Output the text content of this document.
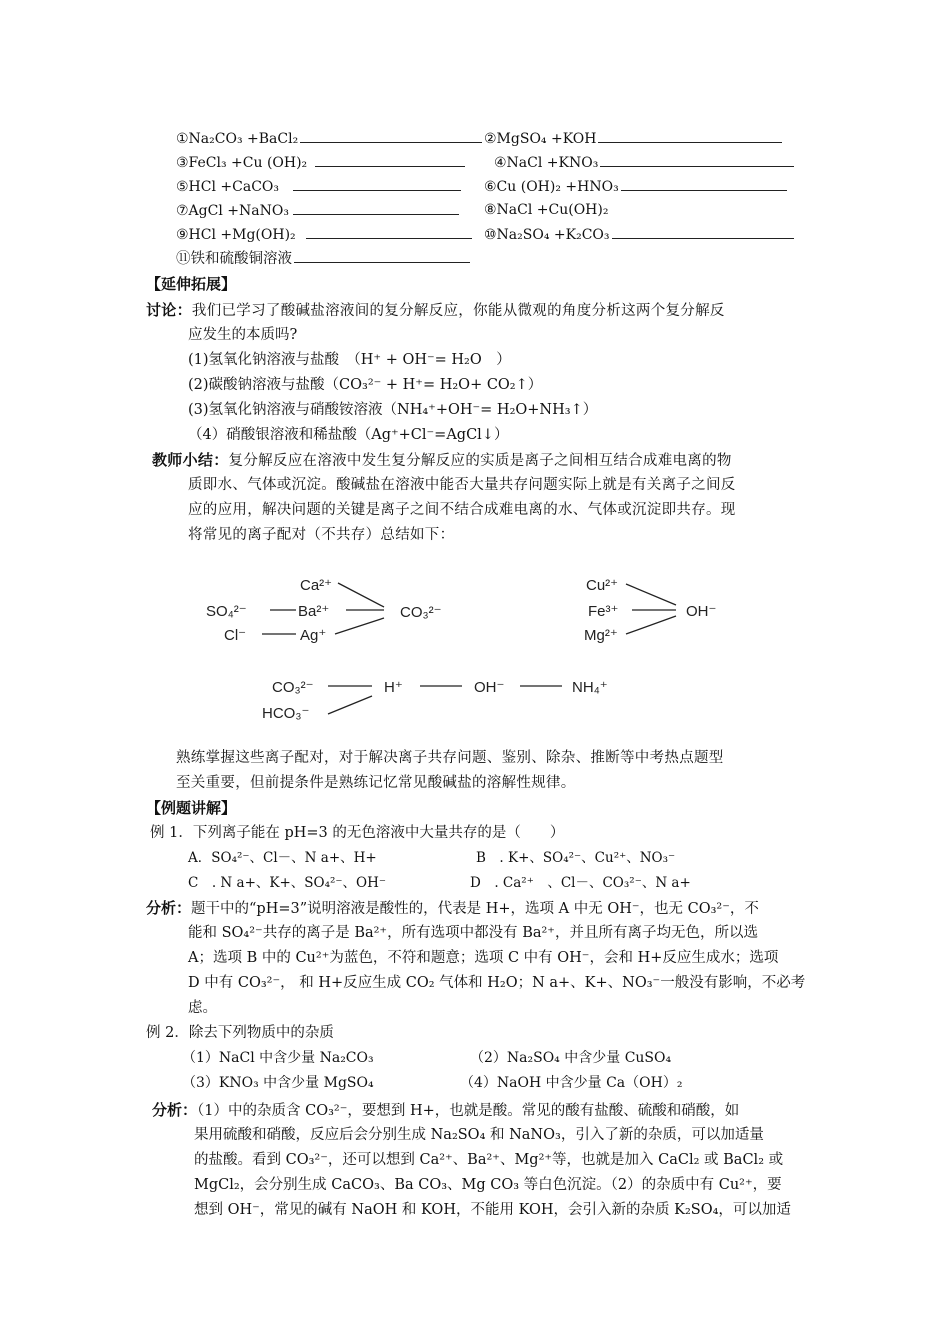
①Na₂CO₃ +BaCl₂	②MgSO₄ +KOH
③FeCl₃ +Cu (OH)₂	④NaCl +KNO₃
⑤HCl +CaCO₃	⑥Cu (OH)₂ +HNO₃
⑦AgCl +NaNO₃	⑧NaCl +Cu(OH)₂
⑨HCl +Mg(OH)₂	⑩Na₂SO₄ +K₂CO₃
⑪铁和硫酸铜溶液
【延伸拓展】
讨论：我们已学习了酸碱盐溶液间的复分解反应，你能从微观的角度分析这两个复分解反
应发生的本质吗?
(1)氢氧化钠溶液与盐酸　（H⁺ + OH⁻= H₂O　）
(2)碳酸钠溶液与盐酸（CO₃²⁻ + H⁺= H₂O+ CO₂↑）
(3)氢氧化钠溶液与硝酸铵溶液（NH₄⁺+OH⁻= H₂O+NH₃↑）
（4）硝酸银溶液和稀盐酸（Ag⁺+Cl⁻=AgCl↓）
教师小结：复分解反应在溶液中发生复分解反应的实质是离子之间相互结合成难电离的物
质即水、气体或沉淀。酸碱盐在溶液中能否大量共存问题实际上就是有关离子之间反
应的应用，解决问题的关键是离子之间不结合成难电离的水、气体或沉淀即共存。现
将常见的离子配对（不共存）总结如下：
Ca²⁺
SO₄²⁻	Ba²⁺	CO₃²⁻
Cl⁻	Ag⁺
Cu²⁺
Fe³⁺	OH⁻
Mg²⁺
CO₃²⁻	H⁺	OH⁻	NH₄⁺
HCO₃⁻
熟练掌握这些离子配对，对于解决离子共存问题、鉴别、除杂、推断等中考热点题型
至关重要，但前提条件是熟练记忆常见酸碱盐的溶解性规律。
【例题讲解】
例 1．下列离子能在 pH=3 的无色溶液中大量共存的是（　　）
A．SO₄²⁻、Cl－、N a+、H+	B　. K+、SO₄²⁻、Cu²⁺、NO₃⁻
C　. N a+、K+、SO₄²⁻、OH⁻	D　. Ca²⁺　、Cl－、CO₃²⁻、N a+
分析：题干中的“pH=3”说明溶液是酸性的，代表是 H+，选项 A 中无 OH⁻，也无 CO₃²⁻，不
能和 SO₄²⁻共存的离子是 Ba²⁺，所有选项中都没有 Ba²⁺，并且所有离子均无色，所以选
A；选项 B 中的 Cu²⁺为蓝色，不符和题意；选项 C 中有 OH⁻，会和 H+反应生成水；选项
D 中有 CO₃²⁻， 和 H+反应生成 CO₂ 气体和 H₂O；N a+、K+、NO₃⁻一般没有影响，不必考
虑。
例 2．除去下列物质中的杂质
（1）NaCl 中含少量 Na₂CO₃	（2）Na₂SO₄ 中含少量 CuSO₄
（3）KNO₃ 中含少量 MgSO₄	（4）NaOH 中含少量 Ca（OH）₂
分析：（1）中的杂质含 CO₃²⁻，要想到 H+，也就是酸。常见的酸有盐酸、硫酸和硝酸，如
果用硫酸和硝酸，反应后会分别生成 Na₂SO₄ 和 NaNO₃，引入了新的杂质，可以加适量
的盐酸。看到 CO₃²⁻，还可以想到 Ca²⁺、Ba²⁺、Mg²⁺等，也就是加入 CaCl₂ 或 BaCl₂ 或
MgCl₂，会分别生成 CaCO₃、Ba CO₃、Mg CO₃ 等白色沉淀。（2）的杂质中有 Cu²⁺，要
想到 OH⁻，常见的碱有 NaOH 和 KOH，不能用 KOH，会引入新的杂质 K₂SO₄，可以加适
